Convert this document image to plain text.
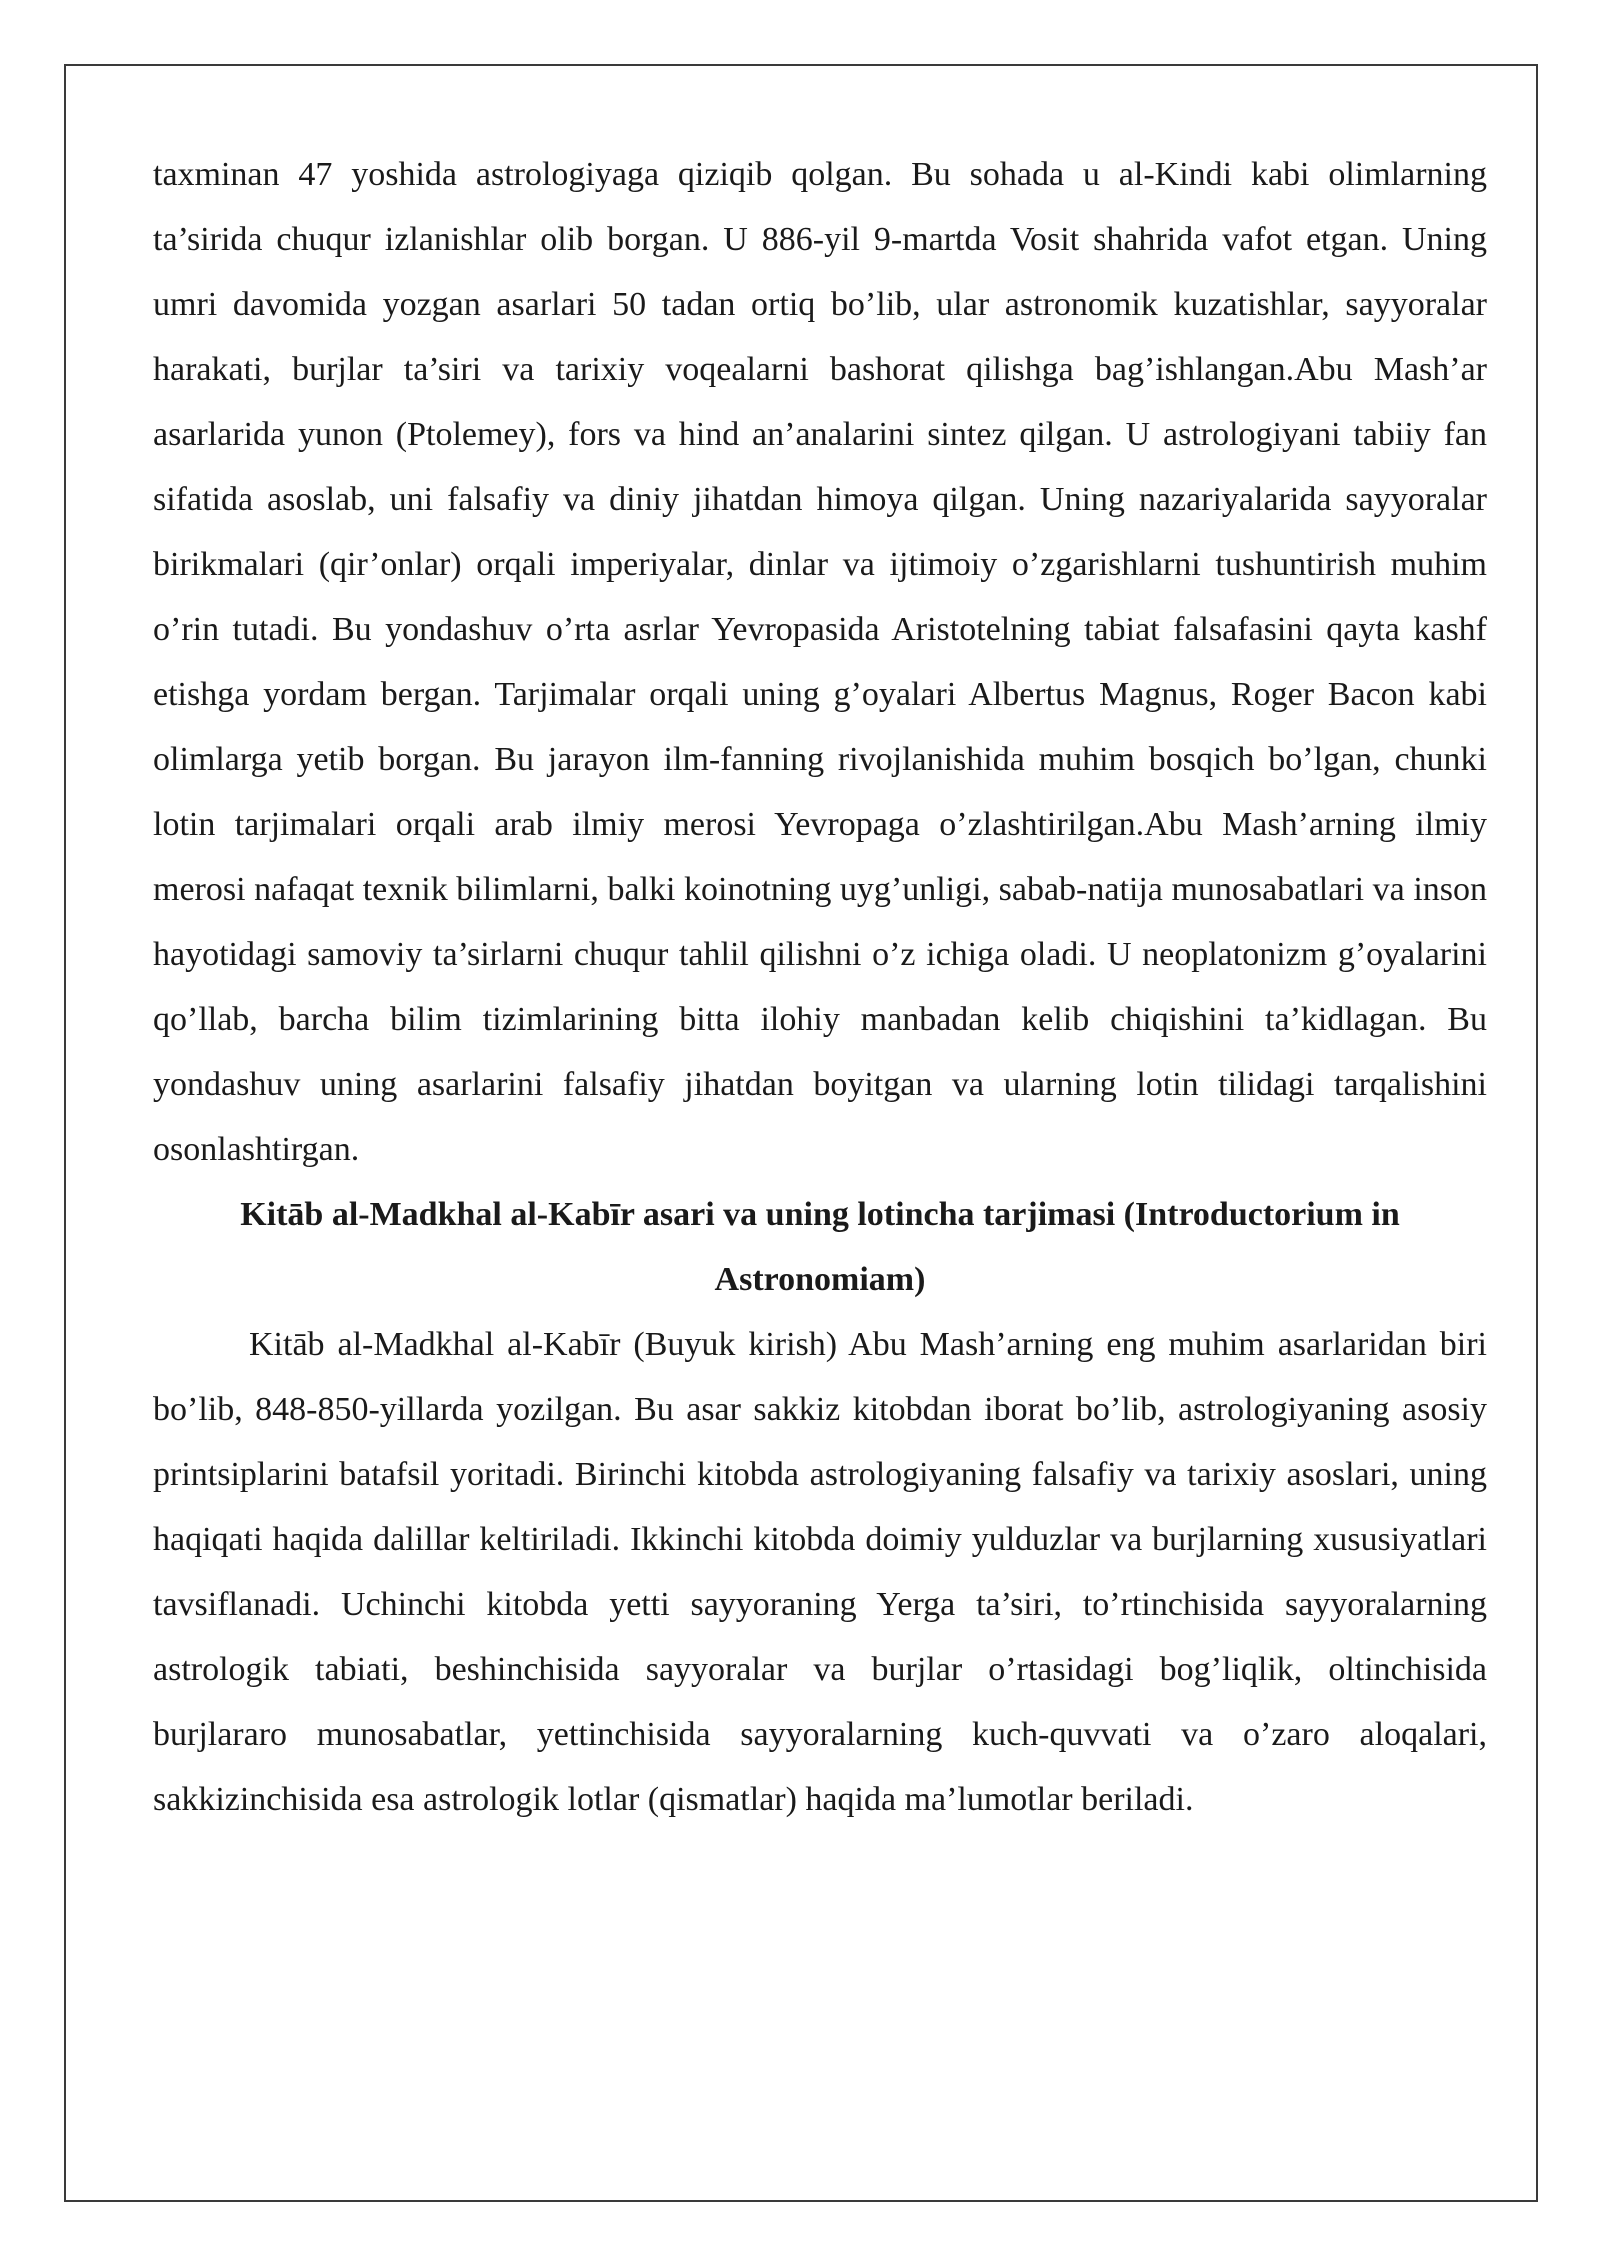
taxminan 47 yoshida astrologiyaga qiziqib qolgan. Bu sohada u al-Kindi kabi olimlarning ta’sirida chuqur izlanishlar olib borgan. U 886-yil 9-martda Vosit shahrida vafot etgan. Uning umri davomida yozgan asarlari 50 tadan ortiq bo’lib, ular astronomik kuzatishlar, sayyoralar harakati, burjlar ta’siri va tarixiy voqealarni bashorat qilishga bag’ishlangan.Abu Mash’ar asarlarida yunon (Ptolemey), fors va hind an’analarini sintez qilgan. U astrologiyani tabiiy fan sifatida asoslab, uni falsafiy va diniy jihatdan himoya qilgan. Uning nazariyalarida sayyoralar birikmalari (qir’onlar) orqali imperiyalar, dinlar va ijtimoiy o’zgarishlarni tushuntirish muhim o’rin tutadi. Bu yondashuv o’rta asrlar Yevropasida Aristotelning tabiat falsafasini qayta kashf etishga yordam bergan. Tarjimalar orqali uning g’oyalari Albertus Magnus, Roger Bacon kabi olimlarga yetib borgan. Bu jarayon ilm-fanning rivojlanishida muhim bosqich bo’lgan, chunki lotin tarjimalari orqali arab ilmiy merosi Yevropaga o’zlashtirilgan.Abu Mash’arning ilmiy merosi nafaqat texnik bilimlarni, balki koinotning uyg’unligi, sabab-natija munosabatlari va inson hayotidagi samoviy ta’sirlarni chuqur tahlil qilishni o’z ichiga oladi. U neoplatonizm g’oyalarini qo’llab, barcha bilim tizimlarining bitta ilohiy manbadan kelib chiqishini ta’kidlagan. Bu yondashuv uning asarlarini falsafiy jihatdan boyitgan va ularning lotin tilidagi tarqalishini osonlashtirgan.

Kitāb al-Madkhal al-Kabīr asari va uning lotincha tarjimasi (Introductorium in Astronomiam)

Kitāb al-Madkhal al-Kabīr (Buyuk kirish) Abu Mash’arning eng muhim asarlaridan biri bo’lib, 848-850-yillarda yozilgan. Bu asar sakkiz kitobdan iborat bo’lib, astrologiyaning asosiy printsiplarini batafsil yoritadi. Birinchi kitobda astrologiyaning falsafiy va tarixiy asoslari, uning haqiqati haqida dalillar keltiriladi. Ikkinchi kitobda doimiy yulduzlar va burjlarning xususiyatlari tavsiflanadi. Uchinchi kitobda yetti sayyoraning Yerga ta’siri, to’rtinchisida sayyoralarning astrologik tabiati, beshinchisida sayyoralar va burjlar o’rtasidagi bog’liqlik, oltinchisida burjlararo munosabatlar, yettinchisida sayyoralarning kuch-quvvati va o’zaro aloqalari, sakkizinchisida esa astrologik lotlar (qismatlar) haqida ma’lumotlar beriladi.
